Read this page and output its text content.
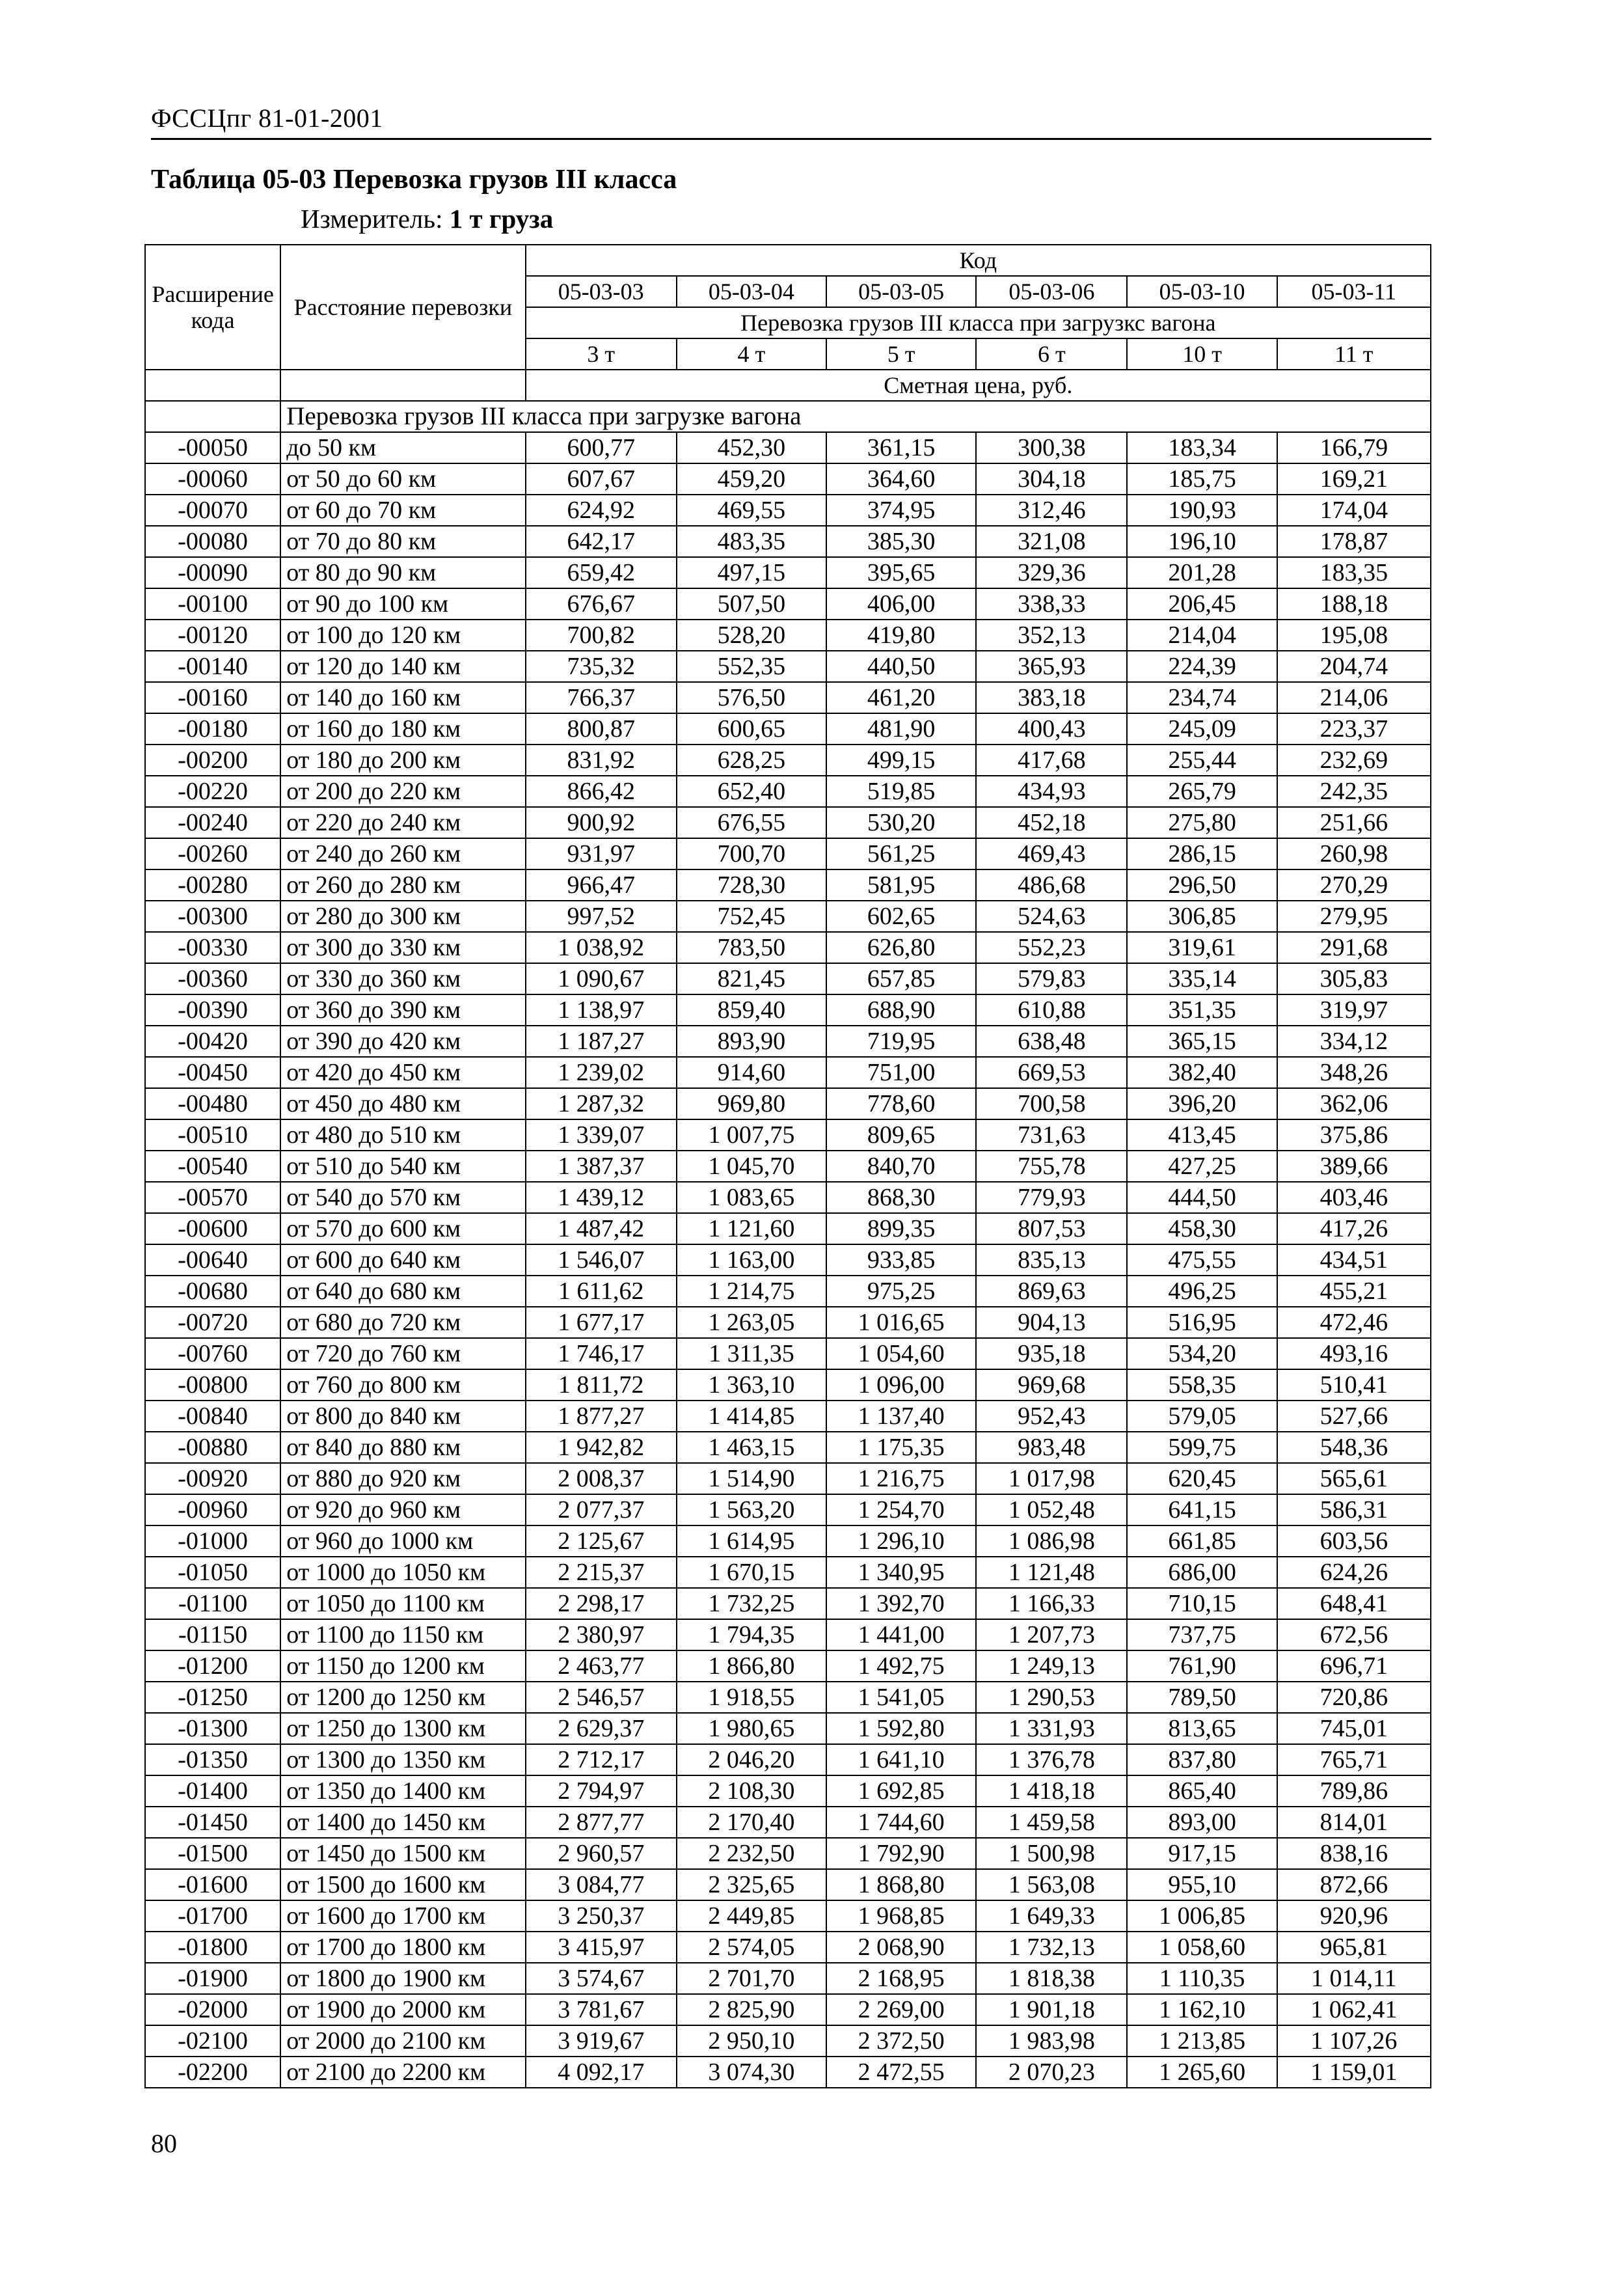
ФССЦпг 81-01-2001
Таблица 05-03 Перевозка грузов III класса
Измеритель: 1 т груза
Расширение кода	Расстояние перевозки	Код					
		05-03-03	05-03-04	05-03-05	05-03-06	05-03-10	05-03-11
		Перевозка грузов III класса при загрузкс вагона					
		3 т	4 т	5 т	6 т	10 т	11 т
		Сметная цена, руб.					
	Перевозка грузов III класса при загрузке вагона						
-00050	до 50 км	600,77	452,30	361,15	300,38	183,34	166,79
-00060	от 50 до 60 км	607,67	459,20	364,60	304,18	185,75	169,21
-00070	от 60 до 70 км	624,92	469,55	374,95	312,46	190,93	174,04
-00080	от 70 до 80 км	642,17	483,35	385,30	321,08	196,10	178,87
-00090	от 80 до 90 км	659,42	497,15	395,65	329,36	201,28	183,35
-00100	от 90 до 100 км	676,67	507,50	406,00	338,33	206,45	188,18
-00120	от 100 до 120 км	700,82	528,20	419,80	352,13	214,04	195,08
-00140	от 120 до 140 км	735,32	552,35	440,50	365,93	224,39	204,74
-00160	от 140 до 160 км	766,37	576,50	461,20	383,18	234,74	214,06
-00180	от 160 до 180 км	800,87	600,65	481,90	400,43	245,09	223,37
-00200	от 180 до 200 км	831,92	628,25	499,15	417,68	255,44	232,69
-00220	от 200 до 220 км	866,42	652,40	519,85	434,93	265,79	242,35
-00240	от 220 до 240 км	900,92	676,55	530,20	452,18	275,80	251,66
-00260	от 240 до 260 км	931,97	700,70	561,25	469,43	286,15	260,98
-00280	от 260 до 280 км	966,47	728,30	581,95	486,68	296,50	270,29
-00300	от 280 до 300 км	997,52	752,45	602,65	524,63	306,85	279,95
-00330	от 300 до 330 км	1 038,92	783,50	626,80	552,23	319,61	291,68
-00360	от 330 до 360 км	1 090,67	821,45	657,85	579,83	335,14	305,83
-00390	от 360 до 390 км	1 138,97	859,40	688,90	610,88	351,35	319,97
-00420	от 390 до 420 км	1 187,27	893,90	719,95	638,48	365,15	334,12
-00450	от 420 до 450 км	1 239,02	914,60	751,00	669,53	382,40	348,26
-00480	от 450 до 480 км	1 287,32	969,80	778,60	700,58	396,20	362,06
-00510	от 480 до 510 км	1 339,07	1 007,75	809,65	731,63	413,45	375,86
-00540	от 510 до 540 км	1 387,37	1 045,70	840,70	755,78	427,25	389,66
-00570	от 540 до 570 км	1 439,12	1 083,65	868,30	779,93	444,50	403,46
-00600	от 570 до 600 км	1 487,42	1 121,60	899,35	807,53	458,30	417,26
-00640	от 600 до 640 км	1 546,07	1 163,00	933,85	835,13	475,55	434,51
-00680	от 640 до 680 км	1 611,62	1 214,75	975,25	869,63	496,25	455,21
-00720	от 680 до 720 км	1 677,17	1 263,05	1 016,65	904,13	516,95	472,46
-00760	от 720 до 760 км	1 746,17	1 311,35	1 054,60	935,18	534,20	493,16
-00800	от 760 до 800 км	1 811,72	1 363,10	1 096,00	969,68	558,35	510,41
-00840	от 800 до 840 км	1 877,27	1 414,85	1 137,40	952,43	579,05	527,66
-00880	от 840 до 880 км	1 942,82	1 463,15	1 175,35	983,48	599,75	548,36
-00920	от 880 до 920 км	2 008,37	1 514,90	1 216,75	1 017,98	620,45	565,61
-00960	от 920 до 960 км	2 077,37	1 563,20	1 254,70	1 052,48	641,15	586,31
-01000	от 960 до 1000 км	2 125,67	1 614,95	1 296,10	1 086,98	661,85	603,56
-01050	от 1000 до 1050 км	2 215,37	1 670,15	1 340,95	1 121,48	686,00	624,26
-01100	от 1050 до 1100 км	2 298,17	1 732,25	1 392,70	1 166,33	710,15	648,41
-01150	от 1100 до 1150 км	2 380,97	1 794,35	1 441,00	1 207,73	737,75	672,56
-01200	от 1150 до 1200 км	2 463,77	1 866,80	1 492,75	1 249,13	761,90	696,71
-01250	от 1200 до 1250 км	2 546,57	1 918,55	1 541,05	1 290,53	789,50	720,86
-01300	от 1250 до 1300 км	2 629,37	1 980,65	1 592,80	1 331,93	813,65	745,01
-01350	от 1300 до 1350 км	2 712,17	2 046,20	1 641,10	1 376,78	837,80	765,71
-01400	от 1350 до 1400 км	2 794,97	2 108,30	1 692,85	1 418,18	865,40	789,86
-01450	от 1400 до 1450 км	2 877,77	2 170,40	1 744,60	1 459,58	893,00	814,01
-01500	от 1450 до 1500 км	2 960,57	2 232,50	1 792,90	1 500,98	917,15	838,16
-01600	от 1500 до 1600 км	3 084,77	2 325,65	1 868,80	1 563,08	955,10	872,66
-01700	от 1600 до 1700 км	3 250,37	2 449,85	1 968,85	1 649,33	1 006,85	920,96
-01800	от 1700 до 1800 км	3 415,97	2 574,05	2 068,90	1 732,13	1 058,60	965,81
-01900	от 1800 до 1900 км	3 574,67	2 701,70	2 168,95	1 818,38	1 110,35	1 014,11
-02000	от 1900 до 2000 км	3 781,67	2 825,90	2 269,00	1 901,18	1 162,10	1 062,41
-02100	от 2000 до 2100 км	3 919,67	2 950,10	2 372,50	1 983,98	1 213,85	1 107,26
-02200	от 2100 до 2200 км	4 092,17	3 074,30	2 472,55	2 070,23	1 265,60	1 159,01
80
